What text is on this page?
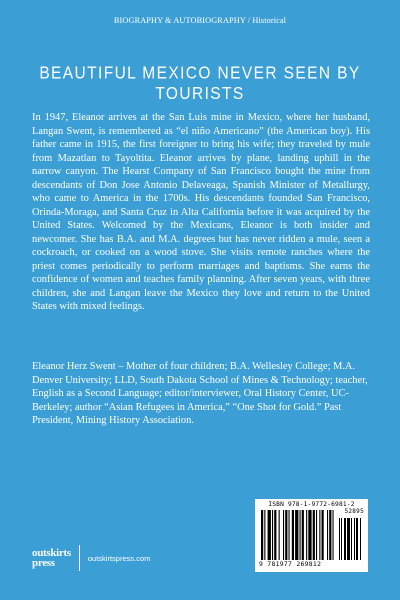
BIOGRAPHY & AUTOBIOGRAPHY / Historical
BEAUTIFUL MEXICO NEVER SEEN BY TOURISTS

In 1947, Eleanor arrives at the San Luis mine in Mexico, where her husband, Langan Swent, is remembered as “el niño Americano” (the American boy). His father came in 1915, the first foreigner to bring his wife; they traveled by mule from Mazatlan to Tayoltita. Eleanor arrives by plane, landing uphill in the narrow canyon. The Hearst Company of San Francisco bought the mine from descendants of Don Jose Antonio Delaveaga, Spanish Minister of Metallurgy, who came to America in the 1700s. His descendants founded San Francisco, Orinda-Moraga, and Santa Cruz in Alta California before it was acquired by the United States. Welcomed by the Mexicans, Eleanor is both insider and newcomer. She has B.A. and M.A. degrees but has never ridden a mule, seen a cockroach, or cooked on a wood stove. She visits remote ranches where the priest comes periodically to perform marriages and baptisms. She earns the confidence of women and teaches family planning. After seven years, with three children, she and Langan leave the Mexico they love and return to the United States with mixed feelings.

Eleanor Herz Swent – Mother of four children; B.A. Wellesley College; M.A. Denver University; LLD, South Dakota School of Mines & Technology; teacher, English as a Second Language; editor/interviewer, Oral History Center, UC-Berkeley; author “Asian Refugees in America,” “One Shot for Gold.” Past President, Mining History Association.

ISBN 978-1-9772-6981-2
9 781977 269812
52895
outskirts
press	outskirtspress.com
